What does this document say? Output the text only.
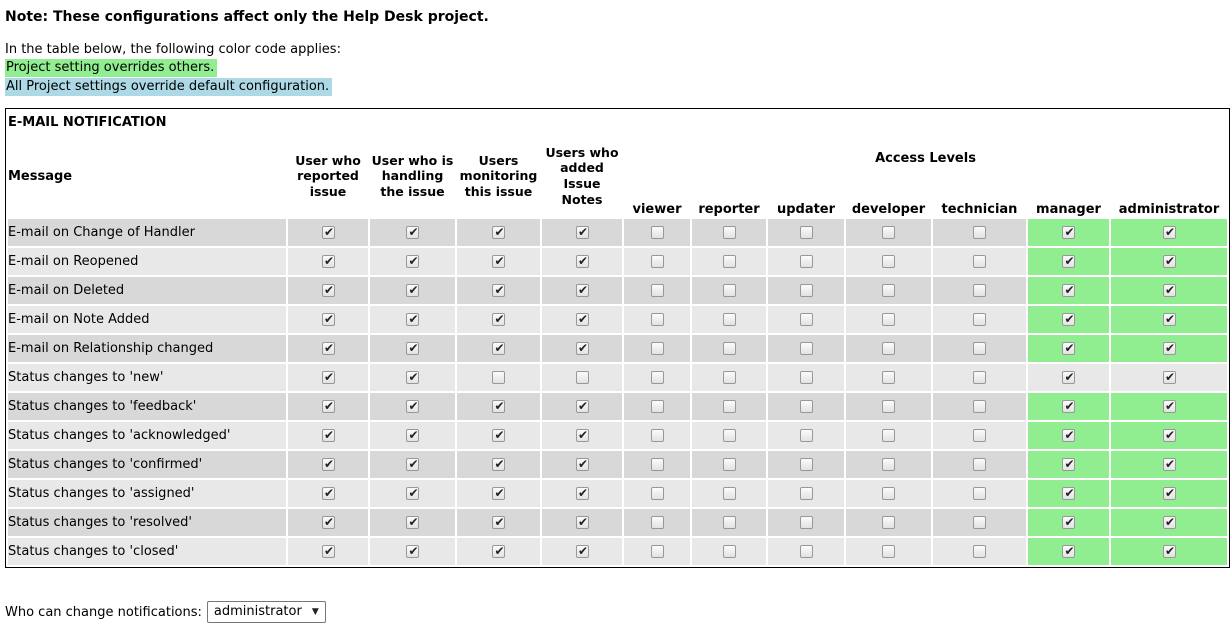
Note: These configurations affect only the Help Desk project.

In the table below, the following color code applies:

Project setting overrides others.
All Project settings override default configuration.
E-MAIL NOTIFICATION											
Message	User who reported issue	User who is handling the issue	Users monitoring this issue	Users who added Issue Notes	Access Levels						
					viewer	reporter	updater	developer	technician	manager	administrator
E-mail on Change of Handler	✔	✔	✔	✔						✔	✔
E-mail on Reopened	✔	✔	✔	✔						✔	✔
E-mail on Deleted	✔	✔	✔	✔						✔	✔
E-mail on Note Added	✔	✔	✔	✔						✔	✔
E-mail on Relationship changed	✔	✔	✔	✔						✔	✔
Status changes to 'new'	✔	✔								✔	✔
Status changes to 'feedback'	✔	✔	✔	✔						✔	✔
Status changes to 'acknowledged'	✔	✔	✔	✔						✔	✔
Status changes to 'confirmed'	✔	✔	✔	✔						✔	✔
Status changes to 'assigned'	✔	✔	✔	✔						✔	✔
Status changes to 'resolved'	✔	✔	✔	✔						✔	✔
Status changes to 'closed'	✔	✔	✔	✔						✔	✔
Who can change notifications: administrator ▼
